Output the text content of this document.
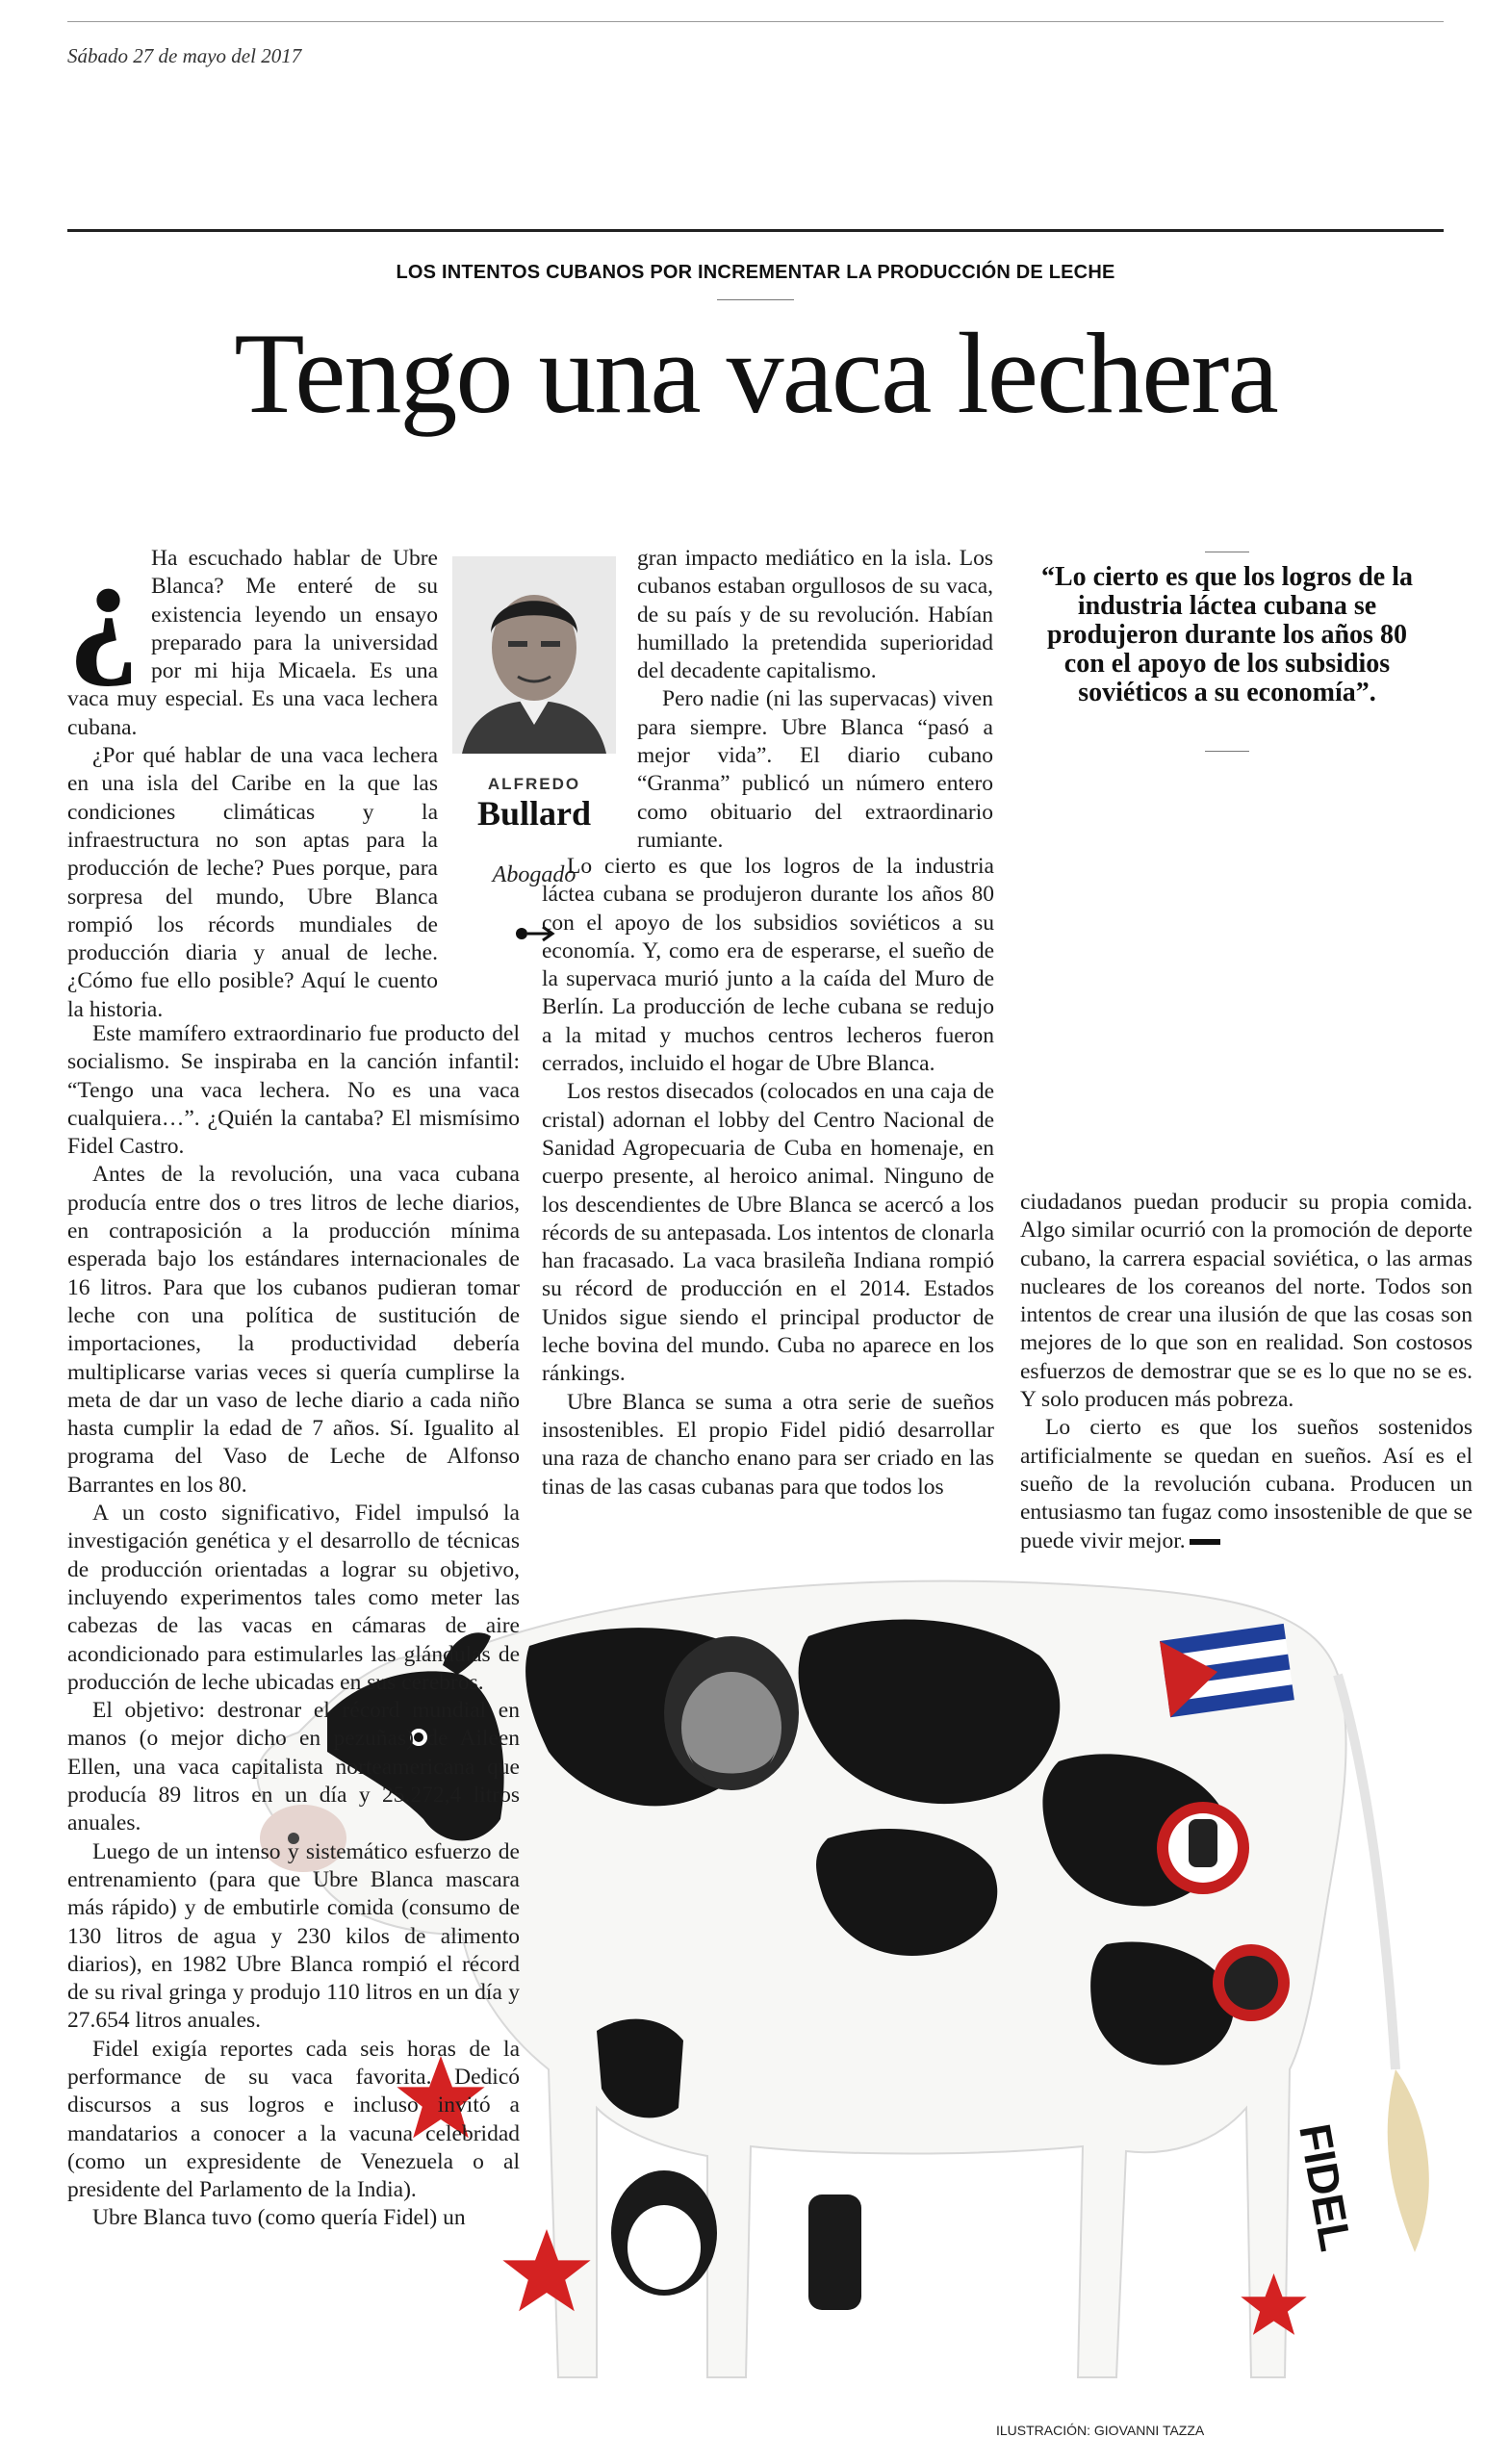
Sábado 27 de mayo del 2017
LOS INTENTOS CUBANOS POR INCREMENTAR LA PRODUCCIÓN DE LECHE
Tengo una vaca lechera
ALFREDO
Bullard
Abogado
“Lo cierto es que los logros de la industria láctea cubana se produjeron durante los años 80 con el apoyo de los subsidios soviéticos a su economía”.
FIDEL

¿ Ha escuchado hablar de Ubre Blanca? Me enteré de su existencia leyendo un ensayo preparado para la universidad por mi hija Micaela. Es una vaca muy especial. Es una vaca lechera cubana.

¿Por qué hablar de una vaca lechera en una isla del Caribe en la que las condiciones climáticas y la infraestructura no son aptas para la producción de leche? Pues porque, para sorpresa del mundo, Ubre Blanca rompió los récords mundiales de producción diaria y anual de leche. ¿Cómo fue ello posible? Aquí le cuento la historia.

Este mamífero extraordinario fue producto del socialismo. Se inspiraba en la canción infantil: “Tengo una vaca lechera. No es una vaca cualquiera…”. ¿Quién la cantaba? El mismísimo Fidel Castro.

Antes de la revolución, una vaca cubana producía entre dos o tres litros de leche diarios, en contraposición a la producción mínima esperada bajo los estándares internacionales de 16 litros. Para que los cubanos pudieran tomar leche con una política de sustitución de importaciones, la productividad debería multiplicarse varias veces si quería cumplirse la meta de dar un vaso de leche diario a cada niño hasta cumplir la edad de 7 años. Sí. Igualito al programa del Vaso de Leche de Alfonso Barrantes en los 80.

A un costo significativo, Fidel impulsó la investigación genética y el desarrollo de técnicas de producción orientadas a lograr su objetivo, incluyendo experimentos tales como meter las cabezas de las vacas en cámaras de aire acondicionado para estimularles las glándulas de producción de leche ubicadas en sus cerebros.

El objetivo: destronar el récord mundial en manos (o mejor dicho en pezuñas) de Aileen Ellen, una vaca capitalista norteamericana que producía 89 litros en un día y 25.272,4 litros anuales.

Luego de un intenso y sistemático esfuerzo de entrenamiento (para que Ubre Blanca mascara más rápido) y de embutirle comida (consumo de 130 litros de agua y 230 kilos de alimento diarios), en 1982 Ubre Blanca rompió el récord de su rival gringa y produjo 110 litros en un día y 27.654 litros anuales.

Fidel exigía reportes cada seis horas de la performance de su vaca favorita. Dedicó discursos a sus logros e incluso invitó a mandatarios a conocer a la vacuna celebridad (como un expresidente de Venezuela o al presidente del Parlamento de la India).

Ubre Blanca tuvo (como quería Fidel) un

gran impacto mediático en la isla. Los cubanos estaban orgullosos de su vaca, de su país y de su revolución. Habían humillado la pretendida superioridad del decadente capitalismo.

Pero nadie (ni las supervacas) viven para siempre. Ubre Blanca “pasó a mejor vida”. El diario cubano “Granma” publicó un número entero como obituario del extraordinario rumiante.

Lo cierto es que los logros de la industria láctea cubana se produjeron durante los años 80 con el apoyo de los subsidios soviéticos a su economía. Y, como era de esperarse, el sueño de la supervaca murió junto a la caída del Muro de Berlín. La producción de leche cubana se redujo a la mitad y muchos centros lecheros fueron cerrados, incluido el hogar de Ubre Blanca.

Los restos disecados (colocados en una caja de cristal) adornan el lobby del Centro Nacional de Sanidad Agropecuaria de Cuba en homenaje, en cuerpo presente, al heroico animal. Ninguno de los descendientes de Ubre Blanca se acercó a los récords de su antepasada. Los intentos de clonarla han fracasado. La vaca brasileña Indiana rompió su récord de producción en el 2014. Estados Unidos sigue siendo el principal productor de leche bovina del mundo. Cuba no aparece en los ránkings.

Ubre Blanca se suma a otra serie de sueños insostenibles. El propio Fidel pidió desarrollar una raza de chancho enano para ser criado en las tinas de las casas cubanas para que todos los

ciudadanos puedan producir su propia comida. Algo similar ocurrió con la promoción de deporte cubano, la carrera espacial soviética, o las armas nucleares de los coreanos del norte. Todos son intentos de crear una ilusión de que las cosas son mejores de lo que son en realidad. Son costosos esfuerzos de demostrar que se es lo que no se es. Y solo producen más pobreza.

Lo cierto es que los sueños sostenidos artificialmente se quedan en sueños. Así es el sueño de la revolución cubana. Producen un entusiasmo tan fugaz como insostenible de que se puede vivir mejor.

ILUSTRACIÓN: GIOVANNI TAZZA
